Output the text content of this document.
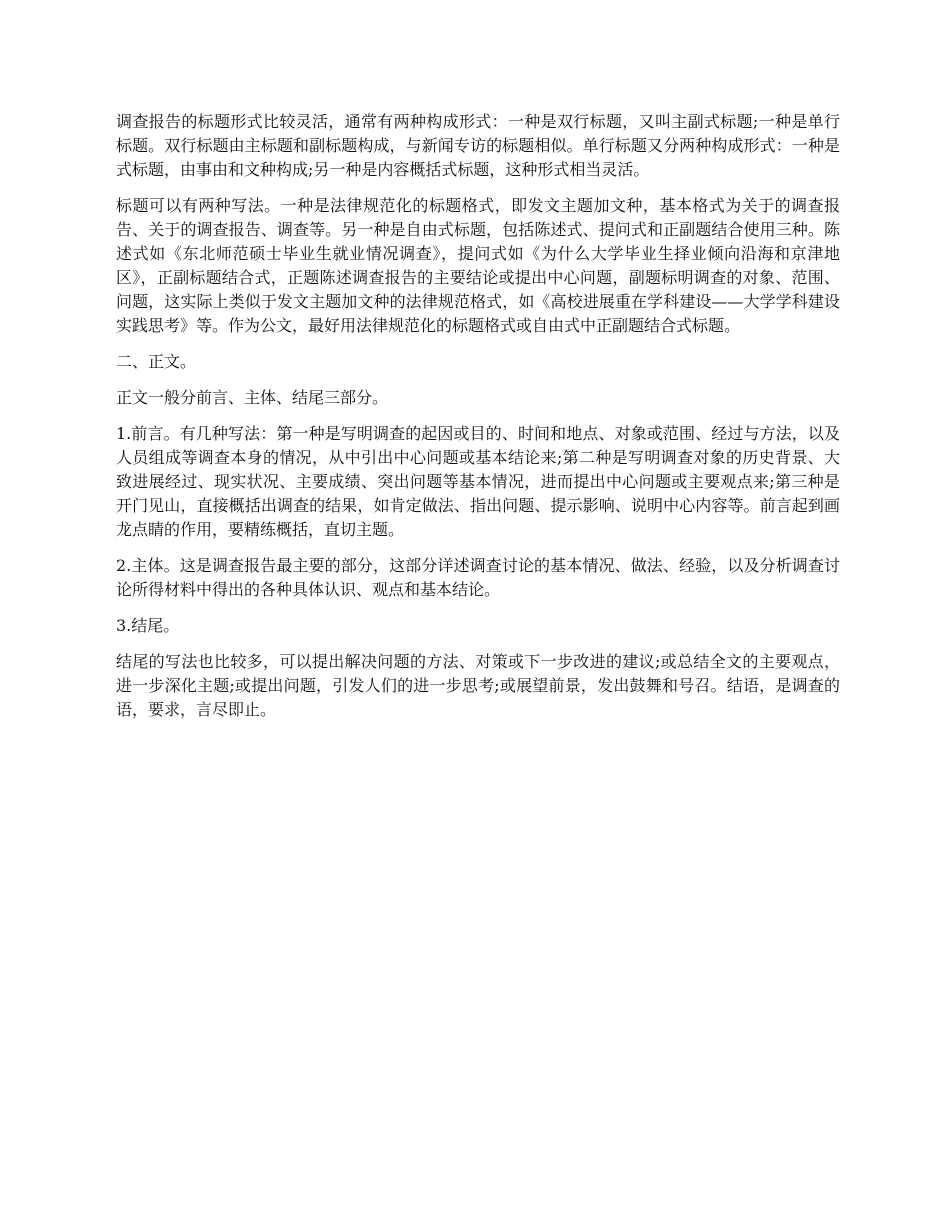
调查报告的标题形式比较灵活，通常有两种构成形式：一种是双行标题，又叫主副式标题;一种是单行标题。双行标题由主标题和副标题构成，与新闻专访的标题相似。单行标题又分两种构成形式：一种是式标题，由事由和文种构成;另一种是内容概括式标题，这种形式相当灵活。

标题可以有两种写法。一种是法律规范化的标题格式，即发文主题加文种，基本格式为关于的调查报告、关于的调查报告、调查等。另一种是自由式标题，包括陈述式、提问式和正副题结合使用三种。陈述式如《东北师范硕士毕业生就业情况调查》，提问式如《为什么大学毕业生择业倾向沿海和京津地区》，正副标题结合式，正题陈述调查报告的主要结论或提出中心问题，副题标明调查的对象、范围、问题，这实际上类似于发文主题加文种的法律规范格式，如《高校进展重在学科建设——大学学科建设实践思考》等。作为公文，最好用法律规范化的标题格式或自由式中正副题结合式标题。

二、正文。

正文一般分前言、主体、结尾三部分。

1.前言。有几种写法：第一种是写明调查的起因或目的、时间和地点、对象或范围、经过与方法，以及人员组成等调查本身的情况，从中引出中心问题或基本结论来;第二种是写明调查对象的历史背景、大致进展经过、现实状况、主要成绩、突出问题等基本情况，进而提出中心问题或主要观点来;第三种是开门见山，直接概括出调查的结果，如肯定做法、指出问题、提示影响、说明中心内容等。前言起到画龙点睛的作用，要精练概括，直切主题。

2.主体。这是调查报告最主要的部分，这部分详述调查讨论的基本情况、做法、经验，以及分析调查讨论所得材料中得出的各种具体认识、观点和基本结论。

3.结尾。

结尾的写法也比较多，可以提出解决问题的方法、对策或下一步改进的建议;或总结全文的主要观点，进一步深化主题;或提出问题，引发人们的进一步思考;或展望前景，发出鼓舞和号召。结语，是调查的语，要求，言尽即止。
